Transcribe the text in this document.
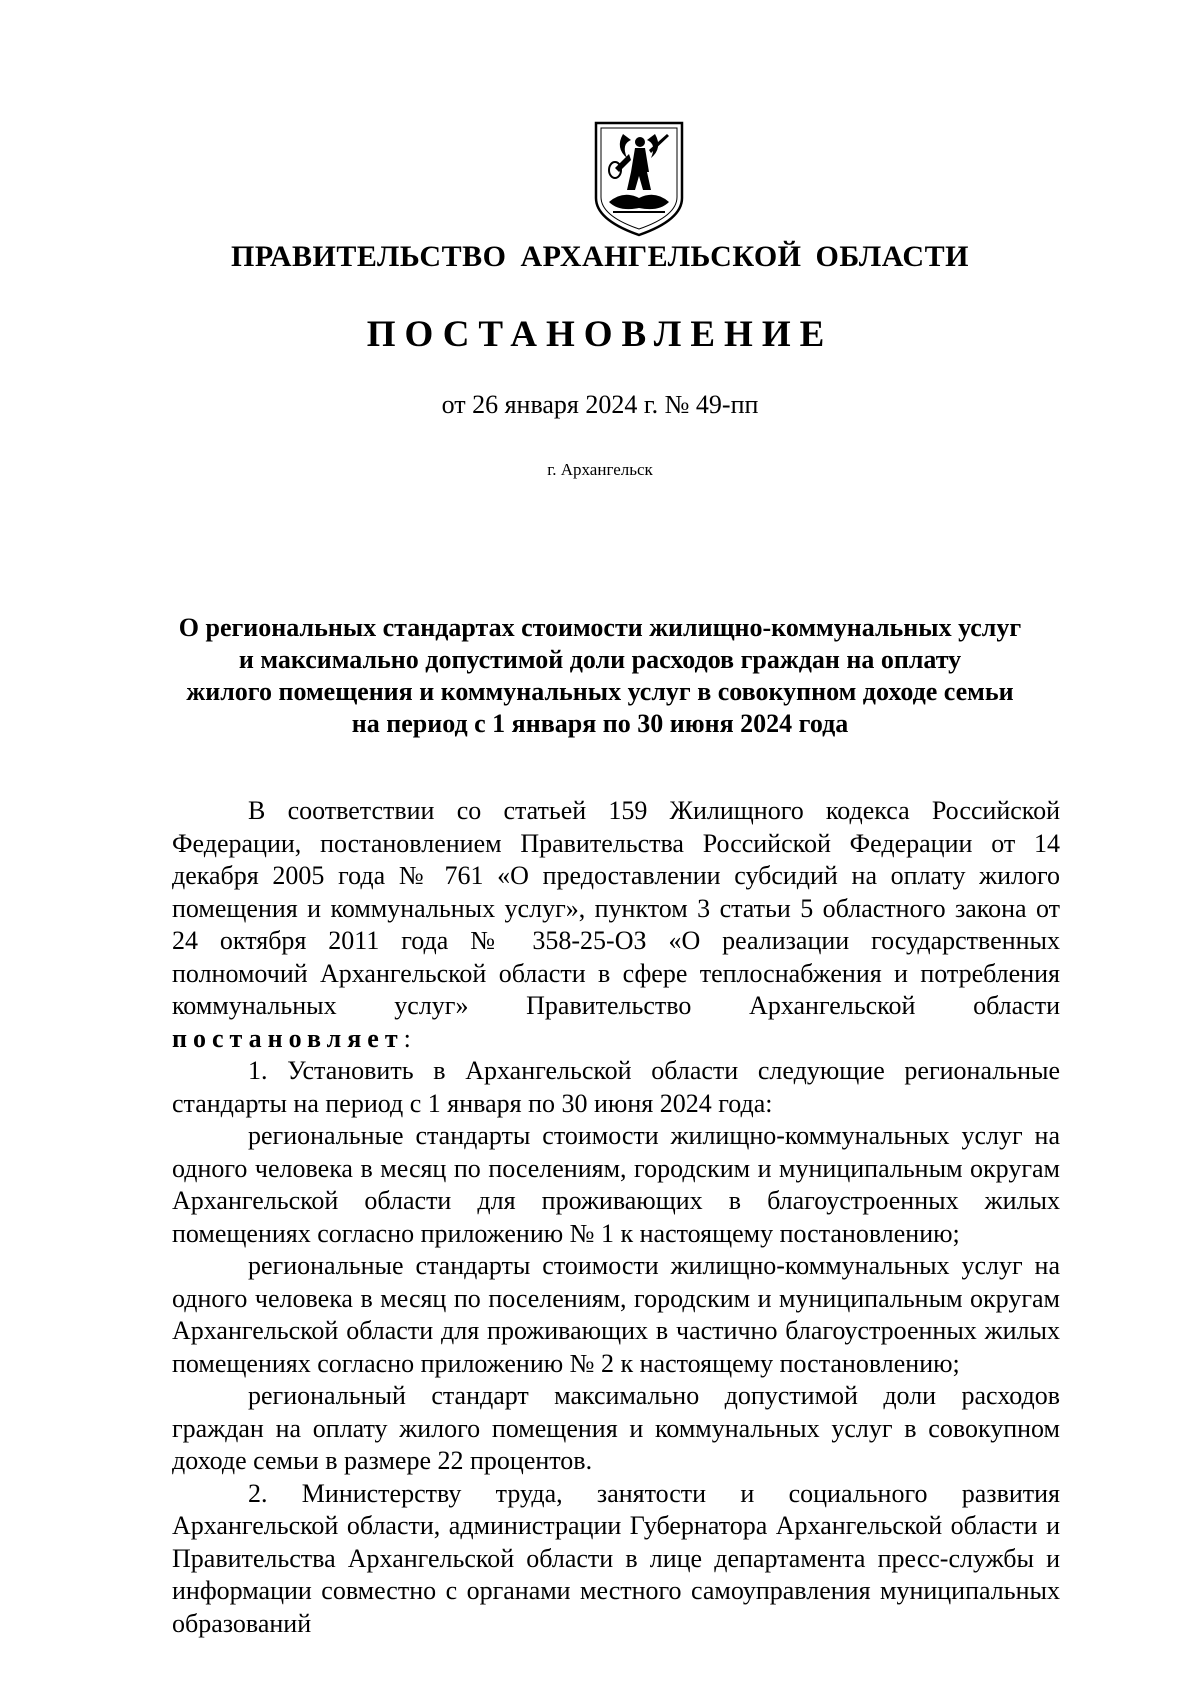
ПРАВИТЕЛЬСТВО АРХАНГЕЛЬСКОЙ ОБЛАСТИ
ПОСТАНОВЛЕНИЕ
от 26 января 2024 г. № 49-пп
г. Архангельск
О региональных стандартах стоимости жилищно-коммунальных услуг
и максимально допустимой доли расходов граждан на оплату
жилого помещения и коммунальных услуг в совокупном доходе семьи
на период с 1 января по 30 июня 2024 года

В соответствии со статьей 159 Жилищного кодекса Российской Федерации, постановлением Правительства Российской Федерации от 14 декабря 2005 года № 761 «О предоставлении субсидий на оплату жилого помещения и коммунальных услуг», пунктом 3 статьи 5 областного закона от 24 октября 2011 года № 358-25-ОЗ «О реализации государственных полномочий Архангельской области в сфере теплоснабжения и потребления коммунальных услуг» Правительство Архангельской области постановляет:

1. Установить в Архангельской области следующие региональные стандарты на период с 1 января по 30 июня 2024 года:

региональные стандарты стоимости жилищно-коммунальных услуг на одного человека в месяц по поселениям, городским и муниципальным округам Архангельской области для проживающих в благоустроенных жилых помещениях согласно приложению № 1 к настоящему постановлению;

региональные стандарты стоимости жилищно-коммунальных услуг на одного человека в месяц по поселениям, городским и муниципальным округам Архангельской области для проживающих в частично благоустроенных жилых помещениях согласно приложению № 2 к настоящему постановлению;

региональный стандарт максимально допустимой доли расходов граждан на оплату жилого помещения и коммунальных услуг в совокупном доходе семьи в размере 22 процентов.

2. Министерству труда, занятости и социального развития Архангельской области, администрации Губернатора Архангельской области и Правительства Архангельской области в лице департамента пресс-службы и информации совместно с органами местного самоуправления муниципальных образований
